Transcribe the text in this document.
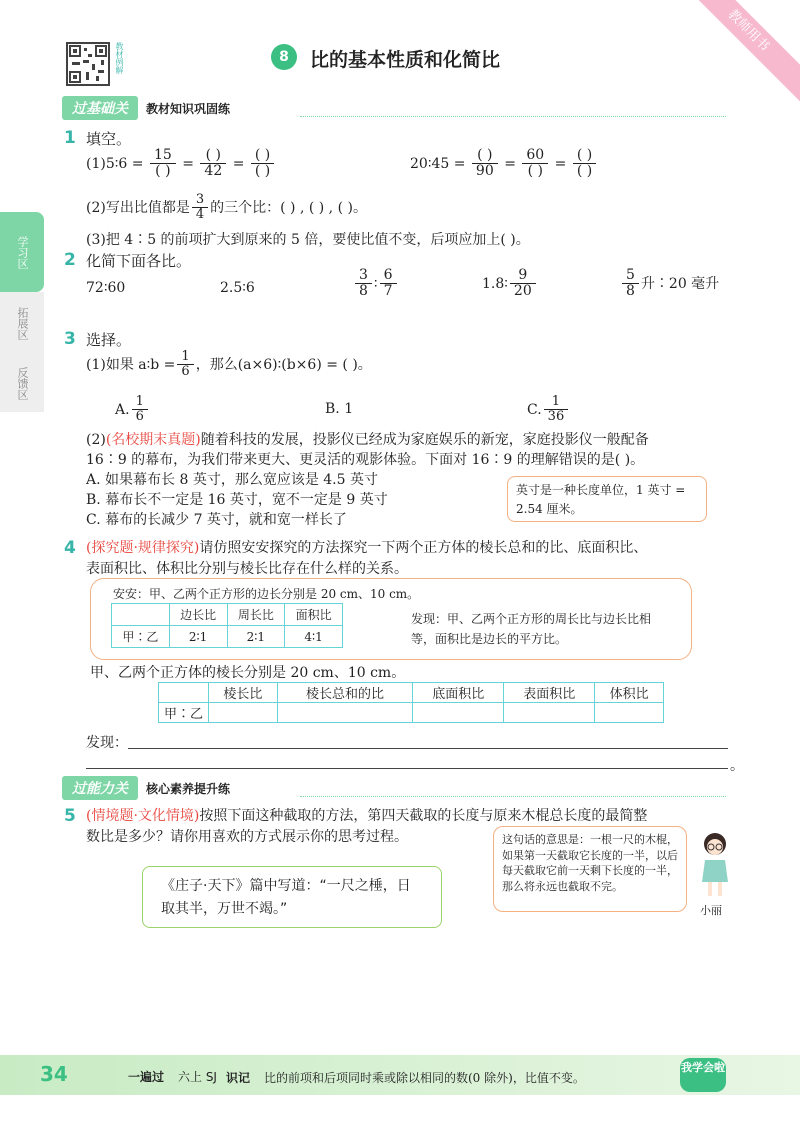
教师用书
教材例解	8	比的基本性质和化简比
过基础关	教材知识巩固练
学习区
拓展区
反馈区
1 填空。
(1)5∶6 = $\frac{15}{( )} = \frac{( )}{42} = \frac{( )}{( )}$	20∶45 = $\frac{( )}{90} = \frac{60}{( )} = \frac{( )}{( )}$
(2)写出比值都是 $\frac{3}{4}$ 的三个比：( ) , ( ) , ( )。
(3)把 4∶5 的前项扩大到原来的 5 倍，要使比值不变，后项应加上( )。
2 化简下面各比。
72∶60	2.5∶6	$\frac{3}{8}$ ∶ $\frac{6}{7}$	1.8∶ $\frac{9}{20}$	$\frac{5}{8}$ 升∶20 毫升
3 选择。
(1)如果 a∶b = $\frac{1}{6}$ ，那么(a×6)∶(b×6) = ( )。
A. $\frac{1}{6}$	B. 1	C. $\frac{1}{36}$
(2)(名校期末真题)随着科技的发展，投影仪已经成为家庭娱乐的新宠，家庭投影仪一般配备
16∶9 的幕布，为我们带来更大、更灵活的观影体验。下面对 16∶9 的理解错误的是( )。
A. 如果幕布长 8 英寸，那么宽应该是 4.5 英寸
B. 幕布长不一定是 16 英寸，宽不一定是 9 英寸
C. 幕布的长减少 7 英寸，就和宽一样长了
英寸是一种长度单位，1 英寸 = 2.54 厘米。
4 (探究题·规律探究)请仿照安安探究的方法探究一下两个正方体的棱长总和的比、底面积比、
表面积比、体积比分别与棱长比存在什么样的关系。
安安：甲、乙两个正方形的边长分别是 20 cm、10 cm。
	边长比	周长比	面积比
甲∶乙	2∶1	2∶1	4∶1
发现：甲、乙两个正方形的周长比与边长比相等，面积比是边长的平方比。
甲、乙两个正方体的棱长分别是 20 cm、10 cm。
	棱长比	棱长总和的比	底面积比	表面积比	体积比
甲∶乙					
发现：
。
过能力关	核心素养提升练
5 (情境题·文化情境)按照下面这种截取的方法，第四天截取的长度与原来木棍总长度的最简整
数比是多少？请你用喜欢的方式展示你的思考过程。
《庄子·天下》篇中写道：“一尺之棰，日取其半，万世不竭。”
这句话的意思是：一根一尺的木棍，如果第一天截取它长度的一半，以后每天截取它前一天剩下长度的一半，那么将永远也截取不完。
小丽
34	一遍过 六上 SJ 识记 比的前项和后项同时乘或除以相同的数(0 除外)，比值不变。
我学会啦
